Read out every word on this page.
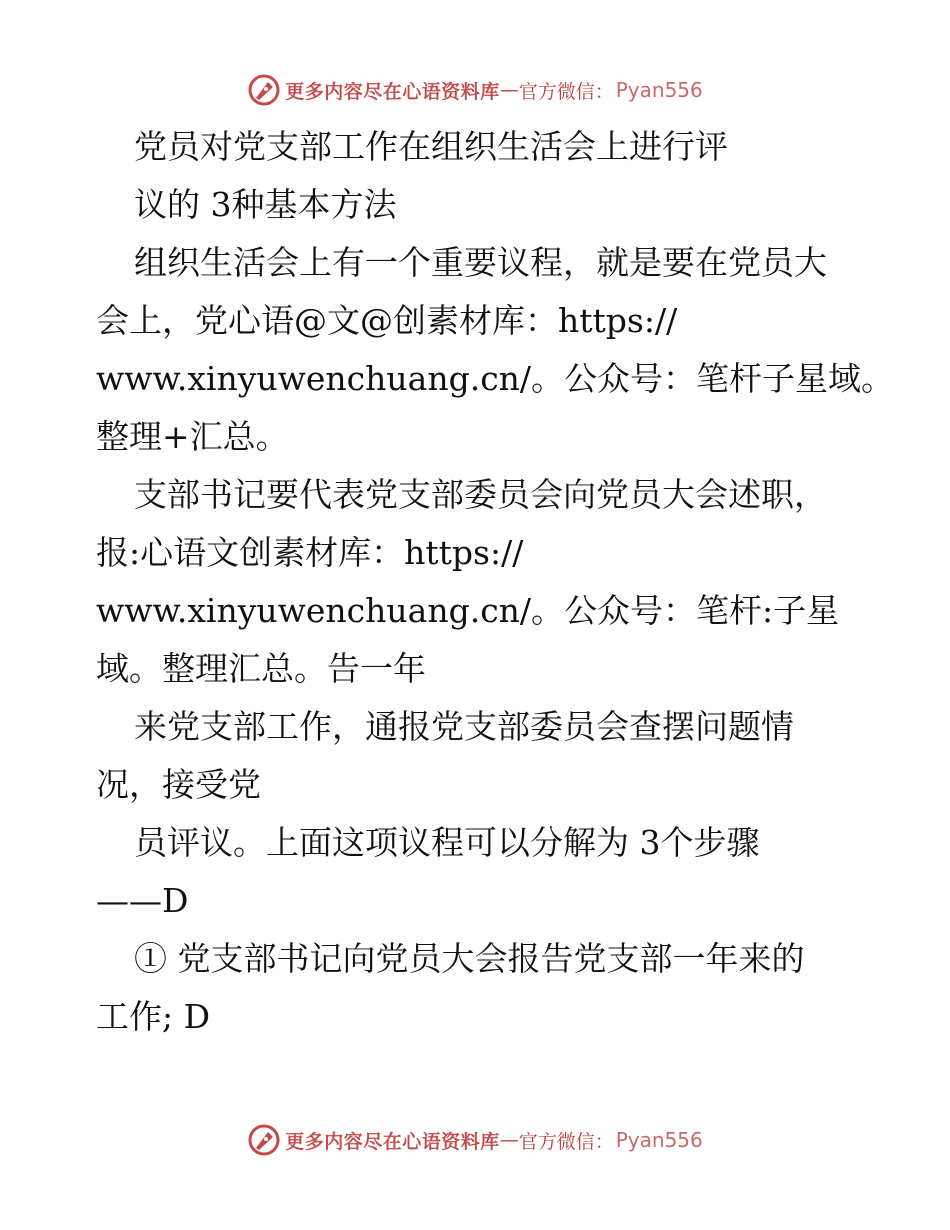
更多内容尽在心语资料库 — 官方微信： Pyan556
党员对党支部工作在组织生活会上进行评
议的 3种基本方法
组织生活会上有一个重要议程，就是要在党员大
会上，党心语@文@创素材库：https://
www.xinyuwenchuang.cn/。公众号：笔杆子星域。
整理+汇总。
支部书记要代表党支部委员会向党员大会述职，
报:心语文创素材库：https://
www.xinyuwenchuang.cn/。公众号：笔杆:子星
域。整理汇总。告一年
来党支部工作，通报党支部委员会查摆问题情
况，接受党
员评议。上面这项议程可以分解为 3个步骤
——D
① 党支部书记向党员大会报告党支部一年来的
工作; D
更多内容尽在心语资料库 — 官方微信： Pyan556
